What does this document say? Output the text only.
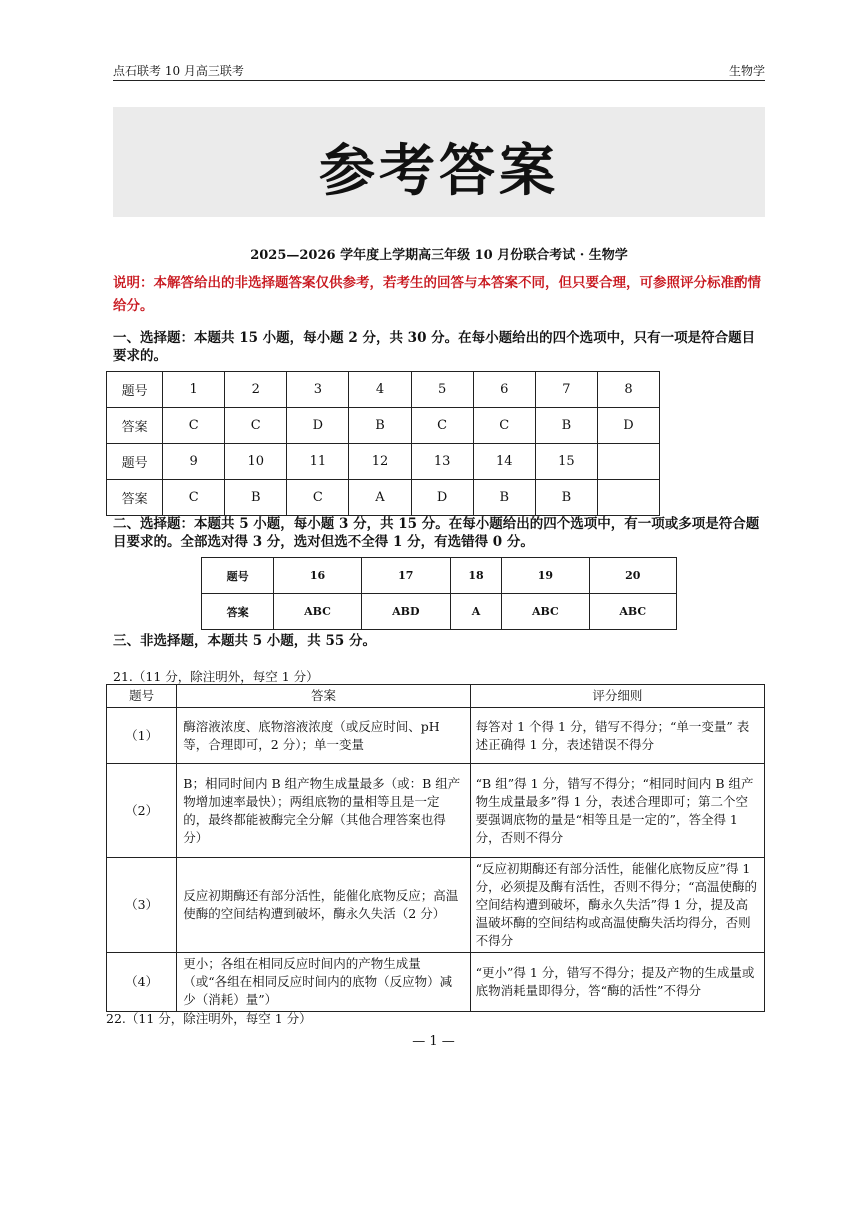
点石联考 10 月高三联考	生物学
参考答案
2025—2026 学年度上学期高三年级 10 月份联合考试 · 生物学
说明：本解答给出的非选择题答案仅供参考，若考生的回答与本答案不同，但只要合理，可参照评分标准酌情给分。
一、选择题：本题共 15 小题，每小题 2 分，共 30 分。在每小题给出的四个选项中，只有一项是符合题目要求的。
题号	1	2	3	4	5	6	7	8
答案	C	C	D	B	C	C	B	D
题号	9	10	11	12	13	14	15	
答案	C	B	C	A	D	B	B	
二、选择题：本题共 5 小题，每小题 3 分，共 15 分。在每小题给出的四个选项中，有一项或多项是符合题目要求的。全部选对得 3 分，选对但选不全得 1 分，有选错得 0 分。
题号	16	17	18	19	20
答案	ABC	ABD	A	ABC	ABC
三、非选择题，本题共 5 小题，共 55 分。
21.（11 分，除注明外，每空 1 分）
题号	答案	评分细则
（1）	酶溶液浓度、底物溶液浓度（或反应时间、pH 等，合理即可，2 分）；单一变量	每答对 1 个得 1 分，错写不得分；“单一变量” 表述正确得 1 分，表述错误不得分
（2）	B；相同时间内 B 组产物生成量最多（或：B 组产物增加速率最快）；两组底物的量相等且是一定的，最终都能被酶完全分解（其他合理答案也得分）	“B 组”得 1 分，错写不得分；“相同时间内 B 组产物生成量最多”得 1 分，表述合理即可；第二个空要强调底物的量是“相等且是一定的”，答全得 1 分，否则不得分
（3）	反应初期酶还有部分活性，能催化底物反应；高温使酶的空间结构遭到破坏，酶永久失活（2 分）	“反应初期酶还有部分活性，能催化底物反应”得 1 分，必须提及酶有活性，否则不得分；“高温使酶的空间结构遭到破坏，酶永久失活”得 1 分，提及高温破坏酶的空间结构或高温使酶失活均得分，否则不得分
（4）	更小；各组在相同反应时间内的产物生成量（或“各组在相同反应时间内的底物（反应物）减少（消耗）量”）	“更小”得 1 分，错写不得分；提及产物的生成量或底物消耗量即得分，答“酶的活性”不得分
22.（11 分，除注明外，每空 1 分）
— 1 —
